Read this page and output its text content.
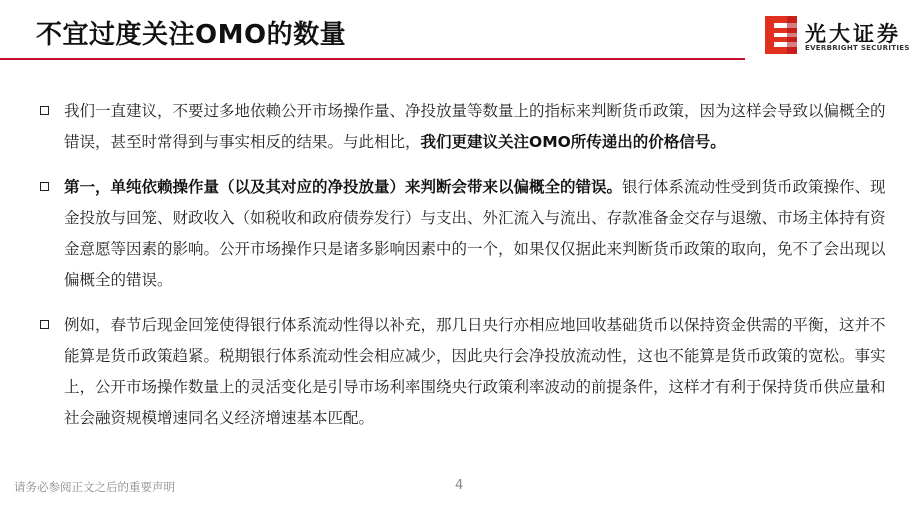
不宜过度关注OMO的数量	光大证券
EVERBRIGHT SECURITIES
我们一直建议，不要过多地依赖公开市场操作量、净投放量等数量上的指标来判断货币政策，因为这样会导致以偏概全的错误，甚至时常得到与事实相反的结果。与此相比，我们更建议关注OMO所传递出的价格信号。
第一，单纯依赖操作量（以及其对应的净投放量）来判断会带来以偏概全的错误。银行体系流动性受到货币政策操作、现金投放与回笼、财政收入（如税收和政府债券发行）与支出、外汇流入与流出、存款准备金交存与退缴、市场主体持有资金意愿等因素的影响。公开市场操作只是诸多影响因素中的一个，如果仅仅据此来判断货币政策的取向，免不了会出现以偏概全的错误。
例如，春节后现金回笼使得银行体系流动性得以补充，那几日央行亦相应地回收基础货币以保持资金供需的平衡，这并不能算是货币政策趋紧。税期银行体系流动性会相应减少，因此央行会净投放流动性，这也不能算是货币政策的宽松。事实上，公开市场操作数量上的灵活变化是引导市场利率围绕央行政策利率波动的前提条件，这样才有利于保持货币供应量和社会融资规模增速同名义经济增速基本匹配。
请务必参阅正文之后的重要声明	4
